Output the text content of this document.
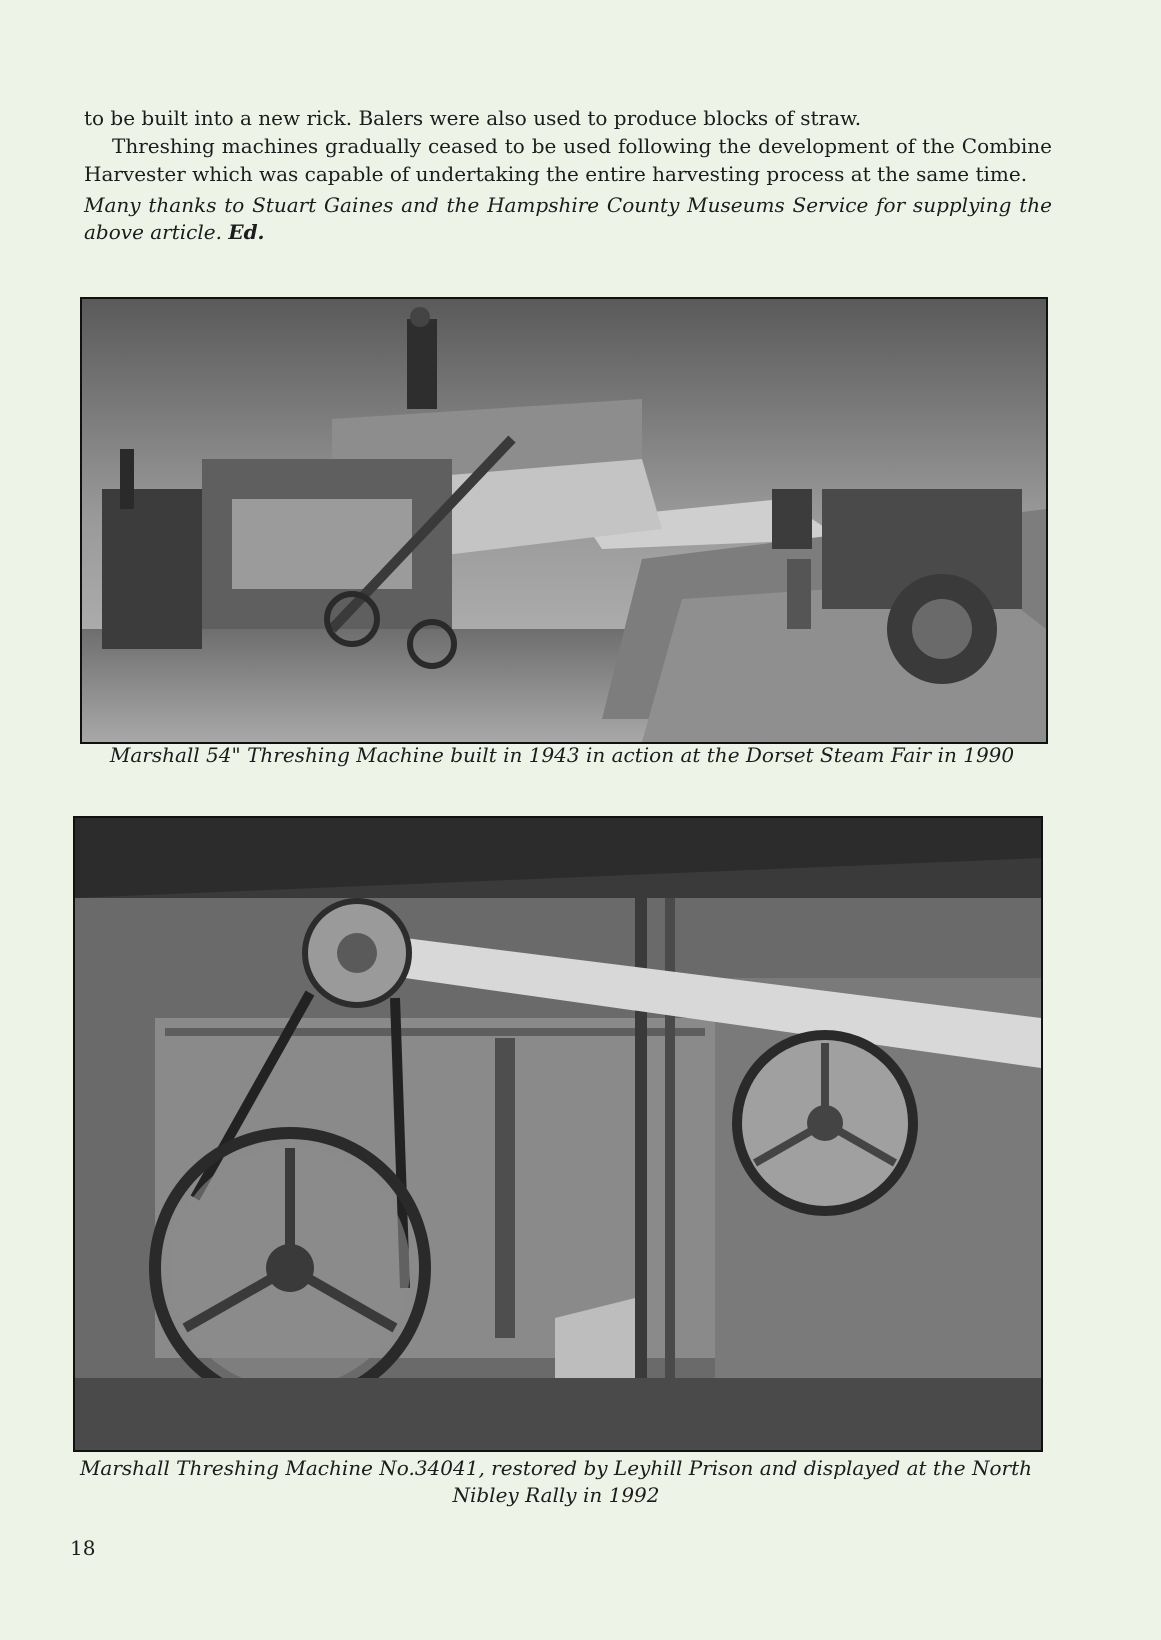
to be built into a new rick. Balers were also used to produce blocks of straw.

Threshing machines gradually ceased to be used following the development of the Combine Harvester which was capable of undertaking the entire harvesting process at the same time.

Many thanks to Stuart Gaines and the Hampshire County Museums Service for supplying the above article. Ed.

Marshall 54" Threshing Machine built in 1943 in action at the Dorset Steam Fair in 1990
Marshall Threshing Machine No.34041, restored by Leyhill Prison and displayed at the North Nibley Rally in 1992
18
